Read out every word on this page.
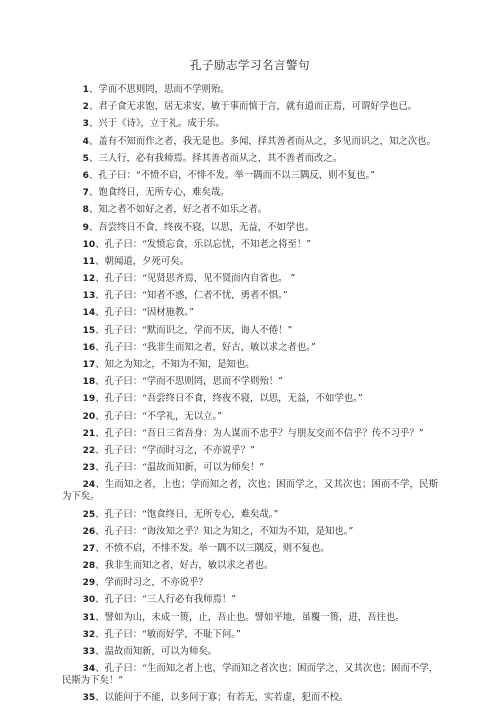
孔子励志学习名言警句
1、学而不思则罔，思而不学则殆。
2、君子食无求饱，居无求安，敏于事而慎于言，就有道而正焉，可谓好学也已。
3、兴于《诗》，立于礼。成于乐。
4、盖有不知而作之者，我无是也。多闻，择其善者而从之，多见而识之，知之次也。
5、三人行，必有我师焉。择其善者而从之，其不善者而改之。
6、孔子曰：“不愤不启，不悱不发。举一隅而不以三隅反，则不复也。”
7、饱食终日，无所专心，难矣哉。
8、知之者不如好之者，好之者不如乐之者。
9、吾尝终日不食，终夜不寝，以思，无益，不如学也。
10、孔子曰：“发愤忘食，乐以忘忧，不知老之将至！”
11、朝闻道，夕死可矣。
12、孔子曰：“见贤思齐焉，见不贤而内自省也。 ”
13、孔子曰：“知者不惑，仁者不忧，勇者不惧。”
14、孔子曰：“因材施教。”
15、孔子曰：“默而识之，学而不厌，诲人不倦！”
16、孔子曰：“我非生而知之者，好古，敏以求之者也。”
17、知之为知之，不知为不知，是知也。
18、孔子曰：“学而不思则罔，思而不学则殆！”
19、孔子曰：“吾尝终日不食，终夜不寝，以思，无益，不如学也。”
20、孔子曰：“不学礼，无以立。”
21、孔子曰：“吾日三省吾身：为人谋而不忠乎？与朋友交而不信乎？传不习乎？”
22、孔子曰：“学而时习之，不亦说乎？”
23、孔子曰：“温故而知新，可以为师矣！”
24、生而知之者，上也；学而知之者，次也；困而学之，又其次也；困而不学，民斯为下矣。
25、孔子曰：“饱食终日，无所专心，难矣哉。”
26、孔子曰：“诲汝知之乎？知之为知之，不知为不知，是知也。”
27、不愤不启，不悱不发。举一隅不以三隅反，则不复也。
28、我非生而知之者，好古，敏以求之者也。
29、学而时习之，不亦说乎？
30、孔子曰：“三人行必有我师焉！”
31、譬如为山，未成一篑，止，吾止也。譬如平地，虽覆一篑，进，吾往也。
32、孔子曰：“敏而好学，不耻下问。”
33、温故而知新，可以为师矣。
34、孔子曰：“生而知之者上也，学而知之者次也；困而学之，又其次也；困而不学，民斯为下矣！”
35、以能问于不能，以多问于寡；有若无，实若虚，犯而不校。
